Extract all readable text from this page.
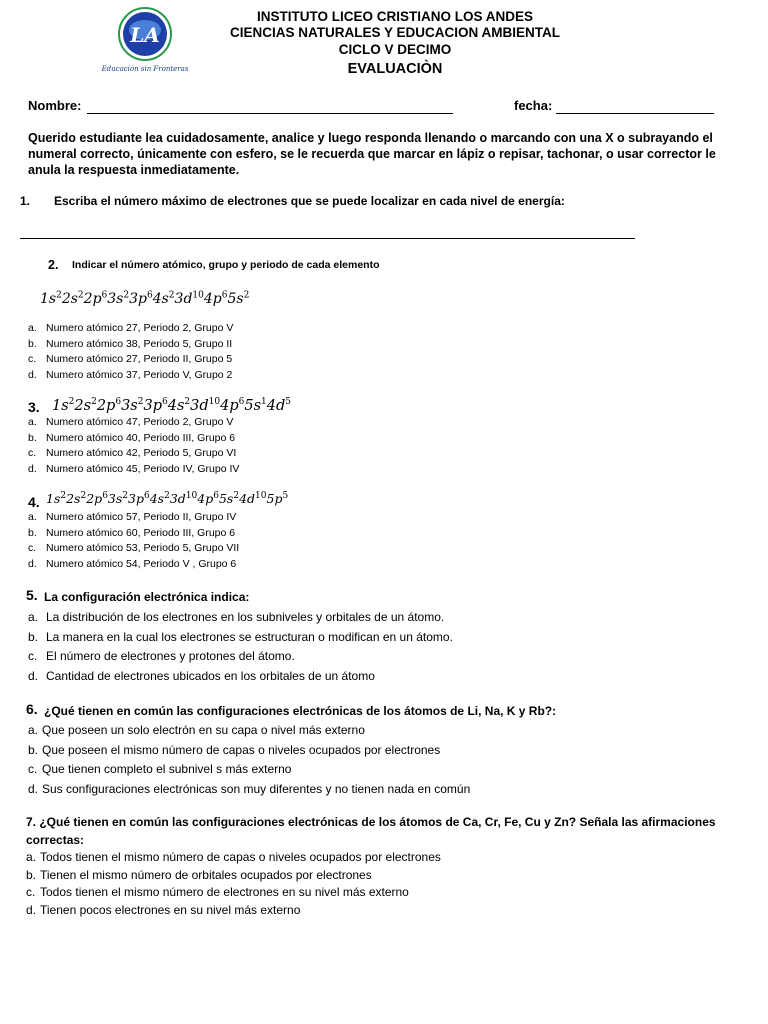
LA
Educación sin Fronteras
INSTITUTO LICEO CRISTIANO LOS ANDES
CIENCIAS NATURALES Y EDUCACION AMBIENTAL
CICLO V DECIMO
EVALUACIÒN
Nombre:	fecha:
Querido estudiante lea cuidadosamente, analice y luego responda llenando o marcando con una X o subrayando el numeral correcto, únicamente con esfero, se le recuerda que marcar en lápiz o repisar, tachonar, o usar corrector le anula la respuesta inmediatamente.
1. Escriba el número máximo de electrones que se puede localizar en cada nivel de energía:
2. Indicar el número atómico, grupo y periodo de cada elemento
$1s^22s^22p^63s^23p^64s^23d^{10}4p^65s^2$
a. Numero atómico 27, Periodo 2, Grupo V
b. Numero atómico 38, Periodo 5, Grupo II
c. Numero atómico 27, Periodo II, Grupo 5
d. Numero atómico 37, Periodo V, Grupo 2
3. $1s^22s^22p^63s^23p^64s^23d^{10}4p^65s^14d^5$
a. Numero atómico 47, Periodo 2, Grupo V
b. Numero atómico 40, Periodo III, Grupo 6
c. Numero atómico 42, Periodo 5, Grupo VI
d. Numero atómico 45, Periodo IV, Grupo IV
4. $1s^22s^22p^63s^23p^64s^23d^{10}4p^65s^24d^{10}5p^5$
a. Numero atómico 57, Periodo II, Grupo IV
b. Numero atómico 60, Periodo III, Grupo 6
c. Numero atómico 53, Periodo 5, Grupo VII
d. Numero atómico 54, Periodo V , Grupo 6
5. La configuración electrónica indica:
a. La distribución de los electrones en los subniveles y orbitales de un átomo.
b. La manera en la cual los electrones se estructuran o modifican en un átomo.
c. El número de electrones y protones del átomo.
d. Cantidad de electrones ubicados en los orbitales de un átomo
6. ¿Qué tienen en común las configuraciones electrónicas de los átomos de Li, Na, K y Rb?:
a. Que poseen un solo electrón en su capa o nivel más externo
b. Que poseen el mismo número de capas o niveles ocupados por electrones
c. Que tienen completo el subnivel s más externo
d. Sus configuraciones electrónicas son muy diferentes y no tienen nada en común
7. ¿Qué tienen en común las configuraciones electrónicas de los átomos de Ca, Cr, Fe, Cu y Zn? Señala las afirmaciones
correctas:
a. Todos tienen el mismo número de capas o niveles ocupados por electrones
b. Tienen el mismo número de orbitales ocupados por electrones
c. Todos tienen el mismo número de electrones en su nivel más externo
d. Tienen pocos electrones en su nivel más externo
